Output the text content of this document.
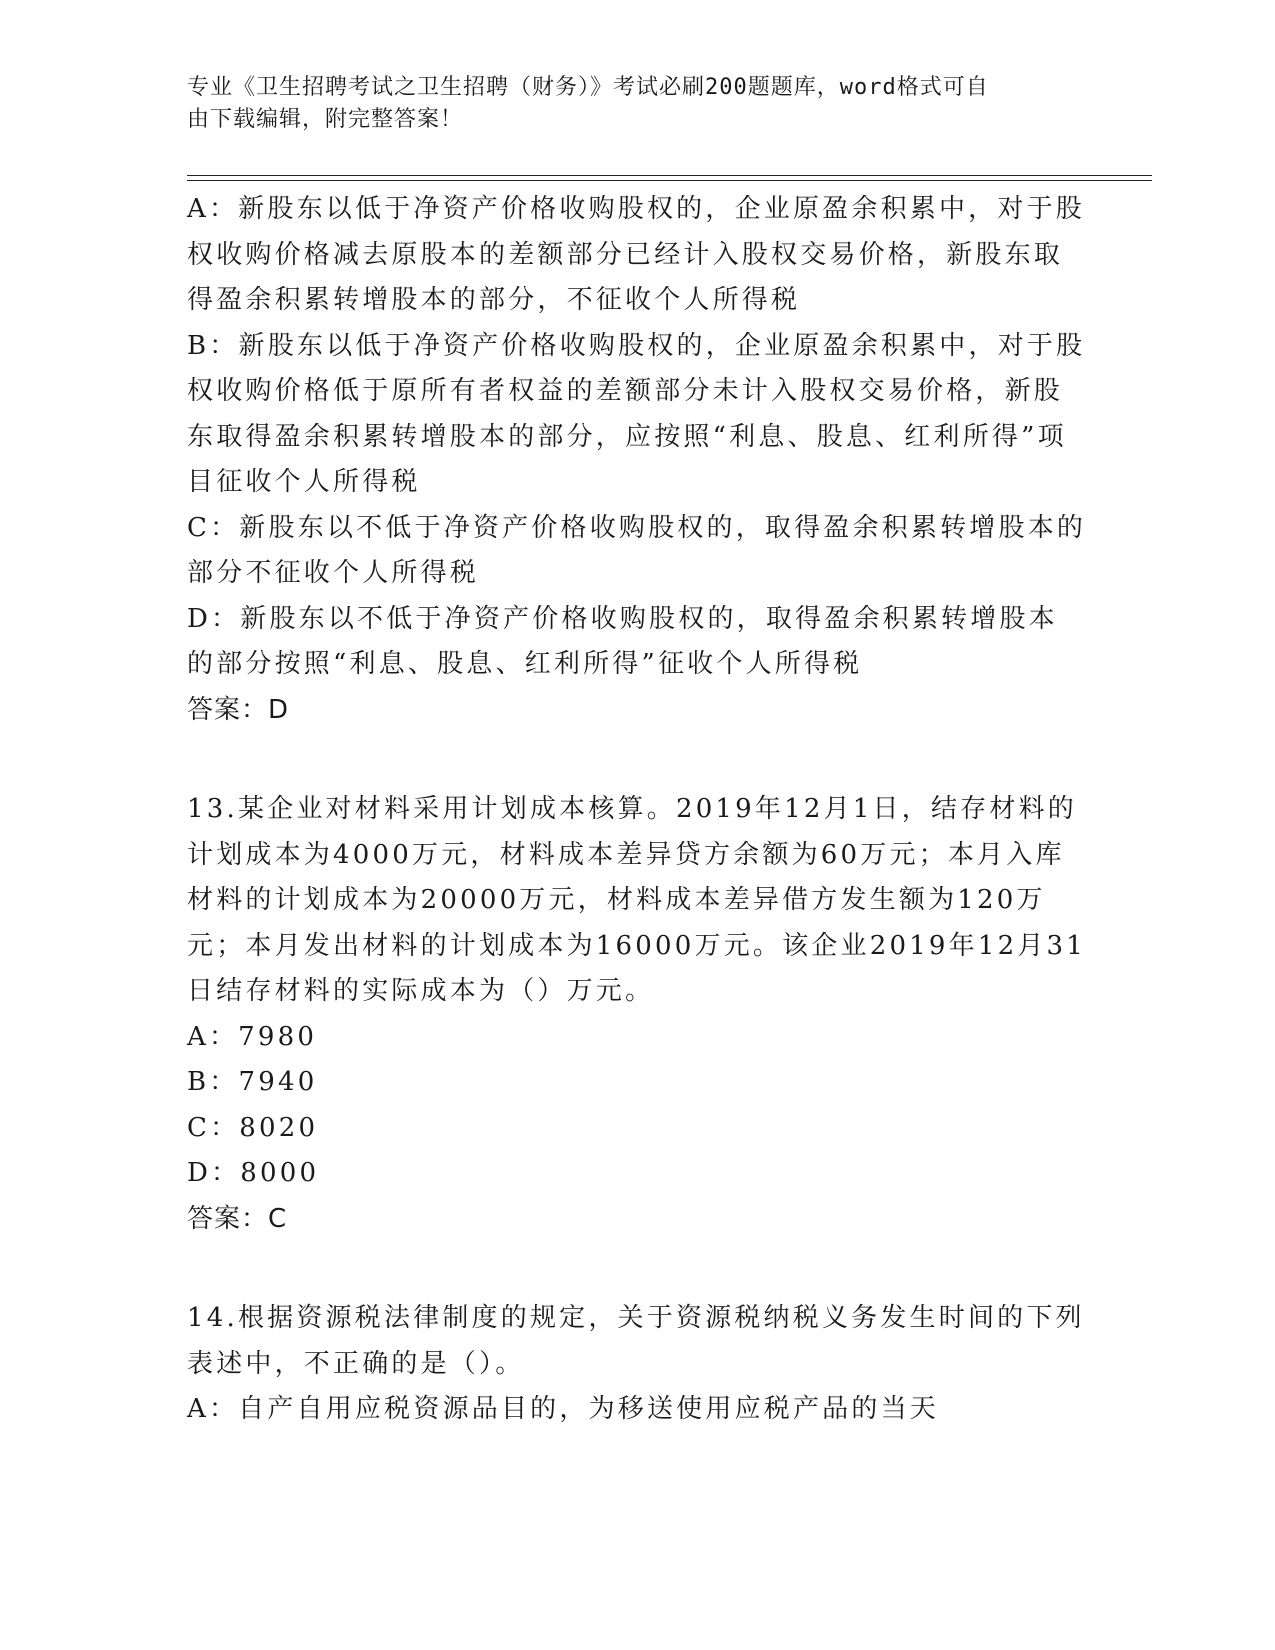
专业《卫生招聘考试之卫生招聘（财务）》考试必刷200题题库，word格式可自
由下载编辑，附完整答案！

A：新股东以低于净资产价格收购股权的，企业原盈余积累中，对于股权收购价格减去原股本的差额部分已经计入股权交易价格，新股东取得盈余积累转增股本的部分，不征收个人所得税

B：新股东以低于净资产价格收购股权的，企业原盈余积累中，对于股权收购价格低于原所有者权益的差额部分未计入股权交易价格，新股东取得盈余积累转增股本的部分，应按照“利息、股息、红利所得”项目征收个人所得税

C：新股东以不低于净资产价格收购股权的，取得盈余积累转增股本的部分不征收个人所得税

D：新股东以不低于净资产价格收购股权的，取得盈余积累转增股本的部分按照“利息、股息、红利所得”征收个人所得税

答案：D

13.某企业对材料采用计划成本核算。2019年12月1日，结存材料的计划成本为4000万元，材料成本差异贷方余额为60万元；本月入库材料的计划成本为20000万元，材料成本差异借方发生额为120万元；本月发出材料的计划成本为16000万元。该企业2019年12月31日结存材料的实际成本为（）万元。

A：7980

B：7940

C：8020

D：8000

答案：C

14.根据资源税法律制度的规定，关于资源税纳税义务发生时间的下列表述中，不正确的是（）。

A：自产自用应税资源品目的，为移送使用应税产品的当天
